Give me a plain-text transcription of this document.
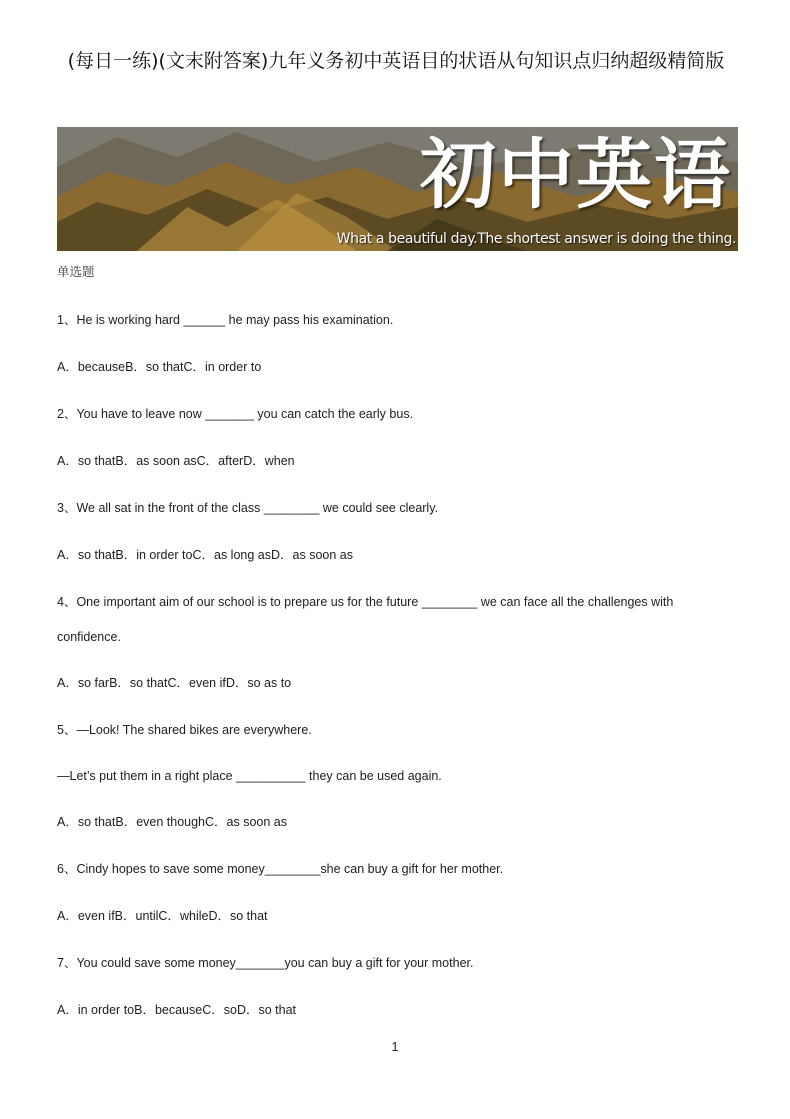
(每日一练)(文末附答案)九年义务初中英语目的状语从句知识点归纳超级精简版
初中英语
What a beautiful day.The shortest answer is doing the thing.
单选题
1、He is working hard ______ he may pass his examination.
A．becauseB．so thatC．in order to
2、You have to leave now _______ you can catch the early bus.
A．so thatB．as soon asC．afterD．when
3、We all sat in the front of the class ________ we could see clearly.
A．so thatB．in order toC．as long asD．as soon as
4、One important aim of our school is to prepare us for the future ________ we can face all the challenges with
confidence.
A．so farB．so thatC．even ifD．so as to
5、—Look! The shared bikes are everywhere.
—Let’s put them in a right place __________ they can be used again.
A．so thatB．even thoughC．as soon as
6、Cindy hopes to save some money________she can buy a gift for her mother.
A．even ifB．untilC．whileD．so that
7、You could save some money_______you can buy a gift for your mother.
A．in order toB．becauseC．soD．so that
1
